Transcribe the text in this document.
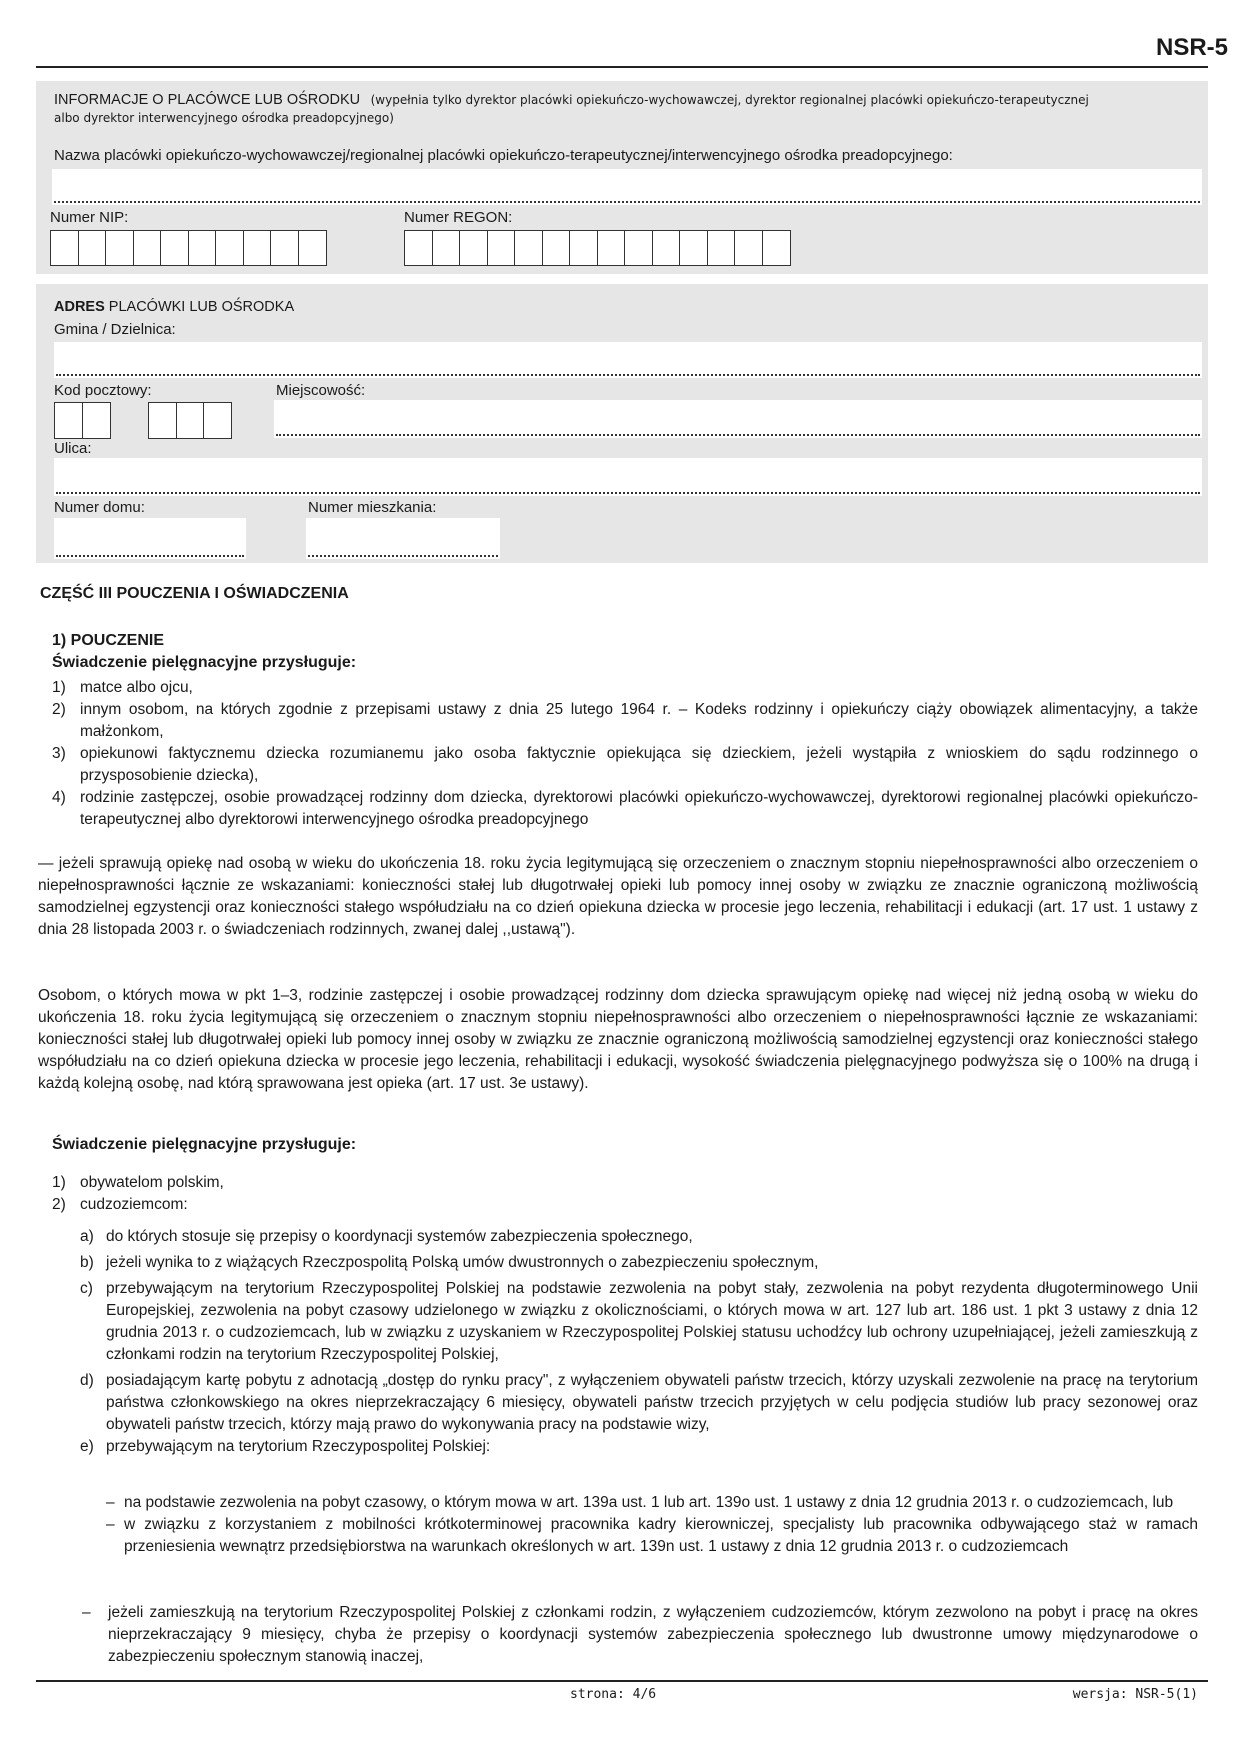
NSR-5
INFORMACJE O PLACÓWCE LUB OŚRODKU (wypełnia tylko dyrektor placówki opiekuńczo-wychowawczej, dyrektor regionalnej placówki opiekuńczo-terapeutycznej
albo dyrektor interwencyjnego ośrodka preadopcyjnego)
Nazwa placówki opiekuńczo-wychowawczej/regionalnej placówki opiekuńczo-terapeutycznej/interwencyjnego ośrodka preadopcyjnego:
Numer NIP:	Numer REGON:
ADRES PLACÓWKI LUB OŚRODKA
Gmina / Dzielnica:
Kod pocztowy:	Miejscowość:
Ulica:
Numer domu:	Numer mieszkania:
CZĘŚĆ III POUCZENIA I OŚWIADCZENIA
1) POUCZENIE
Świadczenie pielęgnacyjne przysługuje:
1) matce albo ojcu,
2) innym osobom, na których zgodnie z przepisami ustawy z dnia 25 lutego 1964 r. – Kodeks rodzinny i opiekuńczy ciąży obowiązek alimentacyjny, a także małżonkom,
3) opiekunowi faktycznemu dziecka rozumianemu jako osoba faktycznie opiekująca się dzieckiem, jeżeli wystąpiła z wnioskiem do sądu rodzinnego o przysposobienie dziecka),
4) rodzinie zastępczej, osobie prowadzącej rodzinny dom dziecka, dyrektorowi placówki opiekuńczo-wychowawczej, dyrektorowi regionalnej placówki opiekuńczo-terapeutycznej albo dyrektorowi interwencyjnego ośrodka preadopcyjnego
— jeżeli sprawują opiekę nad osobą w wieku do ukończenia 18. roku życia legitymującą się orzeczeniem o znacznym stopniu niepełnosprawności albo orzeczeniem o niepełnosprawności łącznie ze wskazaniami: konieczności stałej lub długotrwałej opieki lub pomocy innej osoby w związku ze znacznie ograniczoną możliwością samodzielnej egzystencji oraz konieczności stałego współudziału na co dzień opiekuna dziecka w procesie jego leczenia, rehabilitacji i edukacji (art. 17 ust. 1 ustawy z dnia 28 listopada 2003 r. o świadczeniach rodzinnych, zwanej dalej ,,ustawą").
Osobom, o których mowa w pkt 1–3, rodzinie zastępczej i osobie prowadzącej rodzinny dom dziecka sprawującym opiekę nad więcej niż jedną osobą w wieku do ukończenia 18. roku życia legitymującą się orzeczeniem o znacznym stopniu niepełnosprawności albo orzeczeniem o niepełnosprawności łącznie ze wskazaniami: konieczności stałej lub długotrwałej opieki lub pomocy innej osoby w związku ze znacznie ograniczoną możliwością samodzielnej egzystencji oraz konieczności stałego współudziału na co dzień opiekuna dziecka w procesie jego leczenia, rehabilitacji i edukacji, wysokość świadczenia pielęgnacyjnego podwyższa się o 100% na drugą i każdą kolejną osobę, nad którą sprawowana jest opieka (art. 17 ust. 3e ustawy).
Świadczenie pielęgnacyjne przysługuje:
1) obywatelom polskim,
2) cudzoziemcom:
a) do których stosuje się przepisy o koordynacji systemów zabezpieczenia społecznego,
b) jeżeli wynika to z wiążących Rzeczpospolitą Polską umów dwustronnych o zabezpieczeniu społecznym,
c) przebywającym na terytorium Rzeczypospolitej Polskiej na podstawie zezwolenia na pobyt stały, zezwolenia na pobyt rezydenta długoterminowego Unii Europejskiej, zezwolenia na pobyt czasowy udzielonego w związku z okolicznościami, o których mowa w art. 127 lub art. 186 ust. 1 pkt 3 ustawy z dnia 12 grudnia 2013 r. o cudzoziemcach, lub w związku z uzyskaniem w Rzeczypospolitej Polskiej statusu uchodźcy lub ochrony uzupełniającej, jeżeli zamieszkują z członkami rodzin na terytorium Rzeczypospolitej Polskiej,
d) posiadającym kartę pobytu z adnotacją „dostęp do rynku pracy", z wyłączeniem obywateli państw trzecich, którzy uzyskali zezwolenie na pracę na terytorium państwa członkowskiego na okres nieprzekraczający 6 miesięcy, obywateli państw trzecich przyjętych w celu podjęcia studiów lub pracy sezonowej oraz obywateli państw trzecich, którzy mają prawo do wykonywania pracy na podstawie wizy,
e) przebywającym na terytorium Rzeczypospolitej Polskiej:
– na podstawie zezwolenia na pobyt czasowy, o którym mowa w art. 139a ust. 1 lub art. 139o ust. 1 ustawy z dnia 12 grudnia 2013 r. o cudzoziemcach, lub
– w związku z korzystaniem z mobilności krótkoterminowej pracownika kadry kierowniczej, specjalisty lub pracownika odbywającego staż w ramach przeniesienia wewnątrz przedsiębiorstwa na warunkach określonych w art. 139n ust. 1 ustawy z dnia 12 grudnia 2013 r. o cudzoziemcach
–	jeżeli zamieszkują na terytorium Rzeczypospolitej Polskiej z członkami rodzin, z wyłączeniem cudzoziemców, którym zezwolono na pobyt i pracę na okres nieprzekraczający 9 miesięcy, chyba że przepisy o koordynacji systemów zabezpieczenia społecznego lub dwustronne umowy międzynarodowe o zabezpieczeniu społecznym stanowią inaczej,
strona: 4/6	wersja: NSR-5(1)
